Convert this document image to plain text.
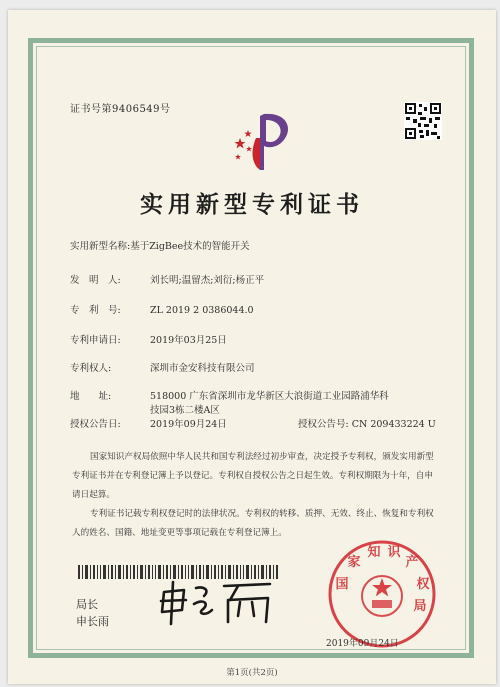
证书号第9406549号
实用新型专利证书
实用新型名称:基于ZigBee技术的智能开关
发　明　人:	刘长明;温留杰;刘衍;杨正平
专　利　号:	ZL 2019 2 0386044.0
专利申请日:	2019年03月25日
专利权人:	深圳市金安科技有限公司
地　　址:	518000 广东省深圳市龙华新区大浪街道工业园路浦华科
技园3栋二楼A区
授权公告日:	2019年09月24日	授权公告号: CN 209433224 U
国家知识产权局依照中华人民共和国专利法经过初步审查，决定授予专利权，颁发实用新型专利证书并在专利登记簿上予以登记。专利权自授权公告之日起生效。专利权期限为十年，自申请日起算。
专利证书记载专利权登记时的法律状况。专利权的转移、质押、无效、终止、恢复和专利权人的姓名、国籍、地址变更等事项记载在专利登记簿上。
局长
申长雨
国
家
知 识
产
权
局
2019年09月24日
第1页(共2页)
